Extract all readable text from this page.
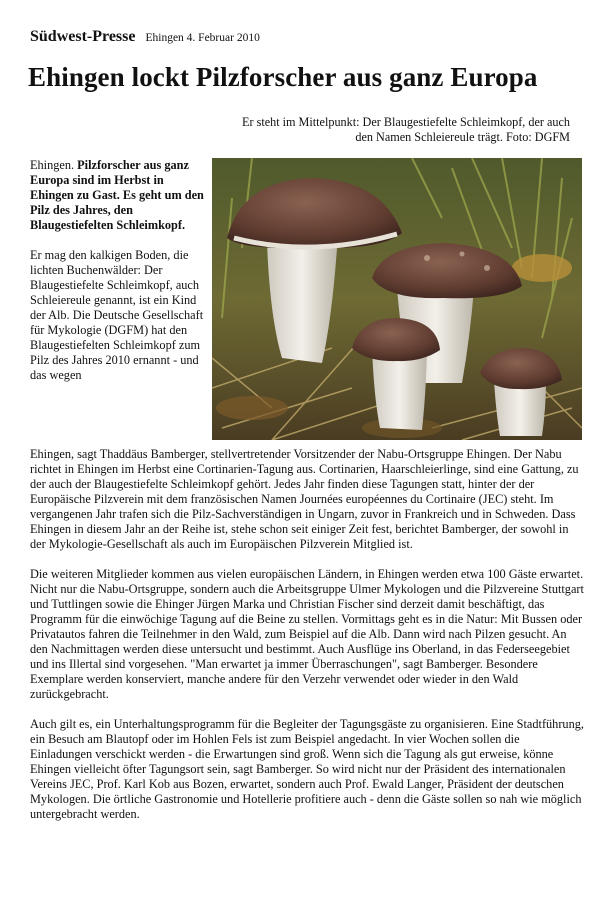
Südwest-Presse Ehingen 4. Februar 2010
Ehingen lockt Pilzforscher aus ganz Europa
Er steht im Mittelpunkt: Der Blaugestiefelte Schleimkopf, der auch den Namen Schleiereule trägt. Foto: DGFM

Ehingen. Pilzforscher aus ganz Europa sind im Herbst in Ehingen zu Gast. Es geht um den Pilz des Jahres, den Blaugestiefelten Schleimkopf.

Er mag den kalkigen Boden, die lichten Buchenwälder: Der Blaugestiefelte Schleimkopf, auch Schleiereule genannt, ist ein Kind der Alb. Die Deutsche Gesellschaft für Mykologie (DGFM) hat den Blaugestiefelten Schleimkopf zum Pilz des Jahres 2010 ernannt - und das wegen

Ehingen, sagt Thaddäus Bamberger, stellvertretender Vorsitzender der Nabu-Ortsgruppe Ehingen. Der Nabu richtet in Ehingen im Herbst eine Cortinarien-Tagung aus. Cortinarien, Haarschleierlinge, sind eine Gattung, zu der auch der Blaugestiefelte Schleimkopf gehört. Jedes Jahr finden diese Tagungen statt, hinter der der Europäische Pilzverein mit dem französischen Namen Journées européennes du Cortinaire (JEC) steht. Im vergangenen Jahr trafen sich die Pilz-Sachverständigen in Ungarn, zuvor in Frankreich und in Schweden. Dass Ehingen in diesem Jahr an der Reihe ist, stehe schon seit einiger Zeit fest, berichtet Bamberger, der sowohl in der Mykologie-Gesellschaft als auch im Europäischen Pilzverein Mitglied ist.

Die weiteren Mitglieder kommen aus vielen europäischen Ländern, in Ehingen werden etwa 100 Gäste erwartet. Nicht nur die Nabu-Ortsgruppe, sondern auch die Arbeitsgruppe Ulmer Mykologen und die Pilzvereine Stuttgart und Tuttlingen sowie die Ehinger Jürgen Marka und Christian Fischer sind derzeit damit beschäftigt, das Programm für die einwöchige Tagung auf die Beine zu stellen. Vormittags geht es in die Natur: Mit Bussen oder Privatautos fahren die Teilnehmer in den Wald, zum Beispiel auf die Alb. Dann wird nach Pilzen gesucht. An den Nachmittagen werden diese untersucht und bestimmt. Auch Ausflüge ins Oberland, in das Federseegebiet und ins Illertal sind vorgesehen. "Man erwartet ja immer Überraschungen", sagt Bamberger. Besondere Exemplare werden konserviert, manche andere für den Verzehr verwendet oder wieder in den Wald zurückgebracht.

Auch gilt es, ein Unterhaltungsprogramm für die Begleiter der Tagungsgäste zu organisieren. Eine Stadtführung, ein Besuch am Blautopf oder im Hohlen Fels ist zum Beispiel angedacht. In vier Wochen sollen die Einladungen verschickt werden - die Erwartungen sind groß. Wenn sich die Tagung als gut erweise, könne Ehingen vielleicht öfter Tagungsort sein, sagt Bamberger. So wird nicht nur der Präsident des internationalen Vereins JEC, Prof. Karl Kob aus Bozen, erwartet, sondern auch Prof. Ewald Langer, Präsident der deutschen Mykologen. Die örtliche Gastronomie und Hotellerie profitiere auch - denn die Gäste sollen so nah wie möglich untergebracht werden.
